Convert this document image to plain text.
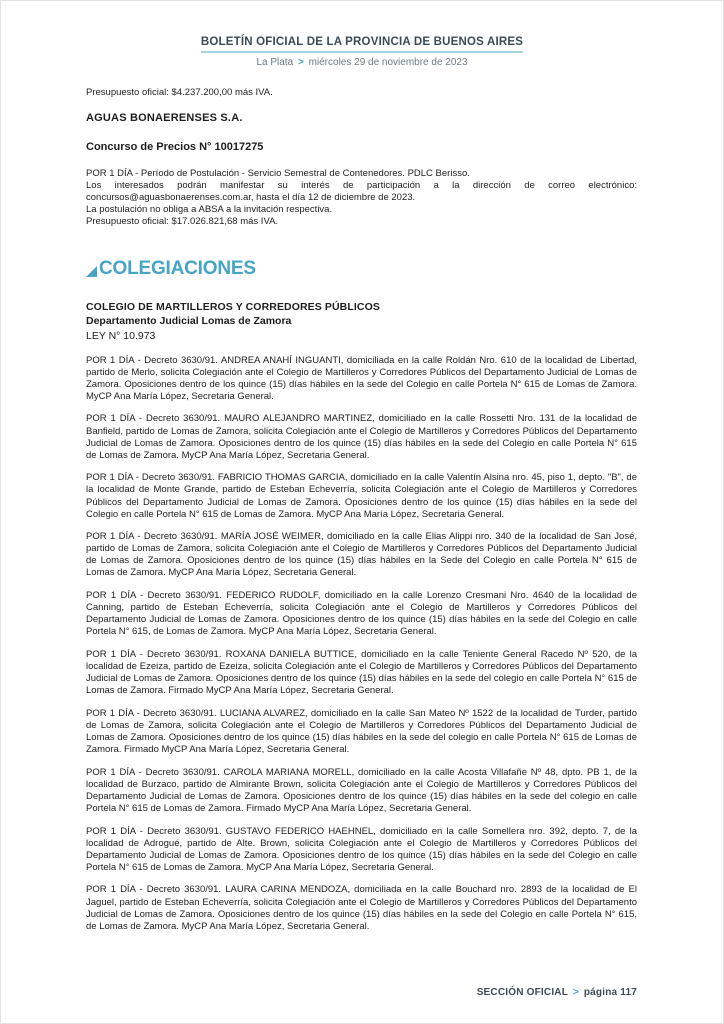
BOLETÍN OFICIAL DE LA PROVINCIA DE BUENOS AIRES
La Plata > miércoles 29 de noviembre de 2023
Presupuesto oficial: $4.237.200,00 más IVA.
AGUAS BONAERENSES S.A.
Concurso de Precios N° 10017275
POR 1 DÍA - Período de Postulación - Servicio Semestral de Contenedores. PDLC Berisso.
Los interesados podrán manifestar su interés de participación a la dirección de correo electrónico: concursos@aguasbonaerenses.com.ar, hasta el día 12 de diciembre de 2023.
La postulación no obliga a ABSA a la invitación respectiva.
Presupuesto oficial: $17.026.821,68 más IVA.
COLEGIACIONES
COLEGIO DE MARTILLEROS Y CORREDORES PÚBLICOS
Departamento Judicial Lomas de Zamora
LEY N° 10.973
POR 1 DÍA - Decreto 3630/91. ANDREA ANAHÍ INGUANTI, domiciliada en la calle Roldán Nro. 610 de la localidad de Libertad, partido de Merlo, solicita Colegiación ante el Colegio de Martilleros y Corredores Públicos del Departamento Judicial de Lomas de Zamora. Oposiciones dentro de los quince (15) días hábiles en la sede del Colegio en calle Portela N° 615 de Lomas de Zamora. MyCP Ana María López, Secretaria General.
POR 1 DÍA - Decreto 3630/91. MAURO ALEJANDRO MARTINEZ, domiciliado en la calle Rossetti Nro. 131 de la localidad de Banfield, partido de Lomas de Zamora, solicita Colegiación ante el Colegio de Martilleros y Corredores Públicos del Departamento Judicial de Lomas de Zamora. Oposiciones dentro de los quince (15) días hábiles en la sede del Colegio en calle Portela N° 615 de Lomas de Zamora. MyCP Ana María López, Secretaria General.
POR 1 DÍA - Decreto 3630/91. FABRICIO THOMAS GARCIA, domiciliado en la calle Valentín Alsina nro. 45, piso 1, depto. "B", de la localidad de Monte Grande, partido de Esteban Echeverría, solicita Colegiación ante el Colegio de Martilleros y Corredores Públicos del Departamento Judicial de Lomas de Zamora. Oposiciones dentro de los quince (15) días hábiles en la sede del Colegio en calle Portela N° 615 de Lomas de Zamora. MyCP Ana María López, Secretaria General.
POR 1 DÍA - Decreto 3630/91. MARÍA JOSÉ WEIMER, domiciliado en la calle Elias Alippi nro. 340 de la localidad de San José, partido de Lomas de Zamora, solicita Colegiación ante el Colegio de Martilleros y Corredores Públicos del Departamento Judicial de Lomas de Zamora. Oposiciones dentro de los quince (15) días hábiles en la Sede del Colegio en calle Portela N° 615 de Lomas de Zamora. MyCP Ana María López, Secretaria General.
POR 1 DÍA - Decreto 3630/91. FEDERICO RUDOLF, domiciliado en la calle Lorenzo Cresmani Nro. 4640 de la localidad de Canning, partido de Esteban Echeverría, solicita Colegiación ante el Colegio de Martilleros y Corredores Públicos del Departamento Judicial de Lomas de Zamora. Oposiciones dentro de los quince (15) días hábiles en la sede del Colegio en calle Portela N° 615, de Lomas de Zamora. MyCP Ana María López, Secretaria General.
POR 1 DÍA - Decreto 3630/91. ROXANA DANIELA BUTTICE, domiciliado en la calle Teniente General Racedo Nº 520, de la localidad de Ezeiza, partido de Ezeiza, solicita Colegiación ante el Colegio de Martilleros y Corredores Públicos del Departamento Judicial de Lomas de Zamora. Oposiciones dentro de los quince (15) días hábiles en la sede del colegio en calle Portela N° 615 de Lomas de Zamora. Firmado MyCP Ana María López, Secretaria General.
POR 1 DÍA - Decreto 3630/91. LUCIANA ALVAREZ, domiciliado en la calle San Mateo Nº 1522 de la localidad de Turder, partido de Lomas de Zamora, solicita Colegiación ante el Colegio de Martilleros y Corredores Públicos del Departamento Judicial de Lomas de Zamora. Oposiciones dentro de los quince (15) días hábiles en la sede del colegio en calle Portela N° 615 de Lomas de Zamora. Firmado MyCP Ana María López, Secretaria General.
POR 1 DÍA - Decreto 3630/91. CAROLA MARIANA MORELL, domiciliado en la calle Acosta Villafañe Nº 48, dpto. PB 1, de la localidad de Burzaco, partido de Almirante Brown, solicita Colegiación ante el Colegio de Martilleros y Corredores Públicos del Departamento Judicial de Lomas de Zamora. Oposiciones dentro de los quince (15) días hábiles en la sede del colegio en calle Portela N° 615 de Lomas de Zamora. Firmado MyCP Ana María López, Secretaria General.
POR 1 DÍA - Decreto 3630/91. GUSTAVO FEDERICO HAEHNEL, domiciliado en la calle Somellera nro. 392, depto. 7, de la localidad de Adrogué, partido de Alte. Brown, solicita Colegiación ante el Colegio de Martilleros y Corredores Públicos del Departamento Judicial de Lomas de Zamora. Oposiciones dentro de los quince (15) días hábiles en la sede del Colegio en calle Portela N° 615 de Lomas de Zamora. MyCP Ana María López, Secretaria General.
POR 1 DÍA - Decreto 3630/91. LAURA CARINA MENDOZA, domiciliada en la calle Bouchard nro. 2893 de la localidad de El Jaguel, partido de Esteban Echeverría, solicita Colegiación ante el Colegio de Martilleros y Corredores Públicos del Departamento Judicial de Lomas de Zamora. Oposiciones dentro de los quince (15) días hábiles en la sede del Colegio en calle Portela N° 615, de Lomas de Zamora. MyCP Ana María López, Secretaria General.
SECCIÓN OFICIAL > página 117
